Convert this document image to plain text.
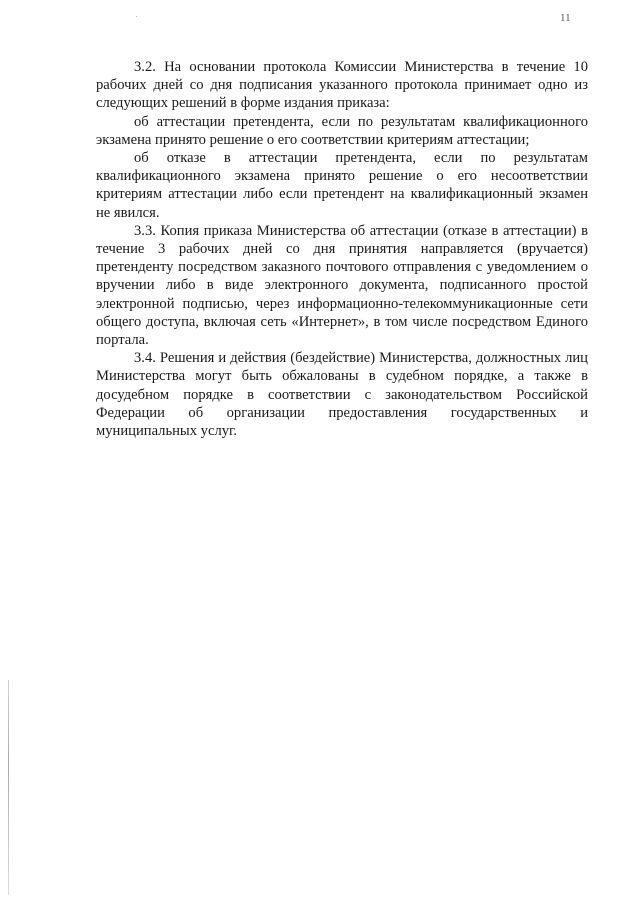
11

3.2. На основании протокола Комиссии Министерства в течение 10 рабочих дней со дня подписания указанного протокола принимает одно из следующих решений в форме издания приказа:

об аттестации претендента, если по результатам квалификационного экзамена принято решение о его соответствии критериям аттестации;

об отказе в аттестации претендента, если по результатам квалификационного экзамена принято решение о его несоответствии критериям аттестации либо если претендент на квалификационный экзамен не явился.

3.3. Копия приказа Министерства об аттестации (отказе в аттестации) в течение 3 рабочих дней со дня принятия направляется (вручается) претенденту посредством заказного почтового отправления с уведомлением о вручении либо в виде электронного документа, подписанного простой электронной подписью, через информационно-телекоммуникационные сети общего доступа, включая сеть «Интернет», в том числе посредством Единого портала.

3.4. Решения и действия (бездействие) Министерства, должностных лиц Министерства могут быть обжалованы в судебном порядке, а также в досудебном порядке в соответствии с законодательством Российской Федерации об организации предоставления государственных и муниципальных услуг.
